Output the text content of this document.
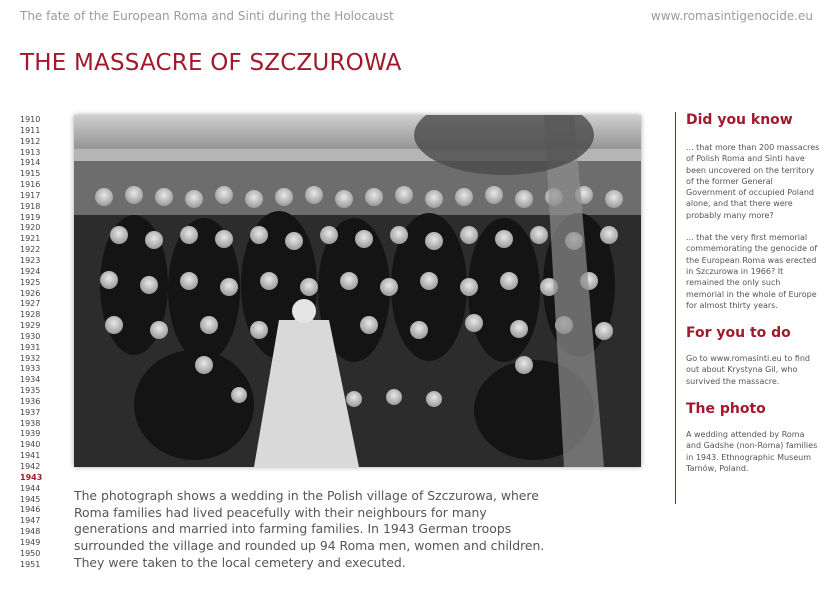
The fate of the European Roma and Sinti during the Holocaust	www.romasintigenocide.eu
THE MASSACRE OF SZCZUROWA
1910
1911
1912
1913
1914
1915
1916
1917
1918
1919
1920
1921
1922
1923
1924
1925
1926
1927
1928
1929
1930
1931
1932
1933
1934
1935
1936
1937
1938
1939
1940
1941
1942
1943
1944
1945
1946
1947
1948
1949
1950
1951
The photograph shows a wedding in the Polish village of Szczurowa, where Roma families had lived peacefully with their neighbours for many generations and married into farming families. In 1943 German troops surrounded the village and rounded up 94 Roma men, women and children. They were taken to the local cemetery and executed.
Did you know

... that more than 200 massacres of Polish Roma and Sinti have been uncovered on the territory of the former General Government of occupied Poland alone, and that there were probably many more?

... that the very first memorial commemorating the genocide of the European Roma was erected in Szczurowa in 1966? It remained the only such memorial in the whole of Europe for almost thirty years.

For you to do

Go to www.romasinti.eu to find out about Krystyna Gil, who survived the massacre.

The photo

A wedding attended by Roma and Gadshe (non-Roma) families in 1943. Ethnographic Museum Tarnów, Poland.
